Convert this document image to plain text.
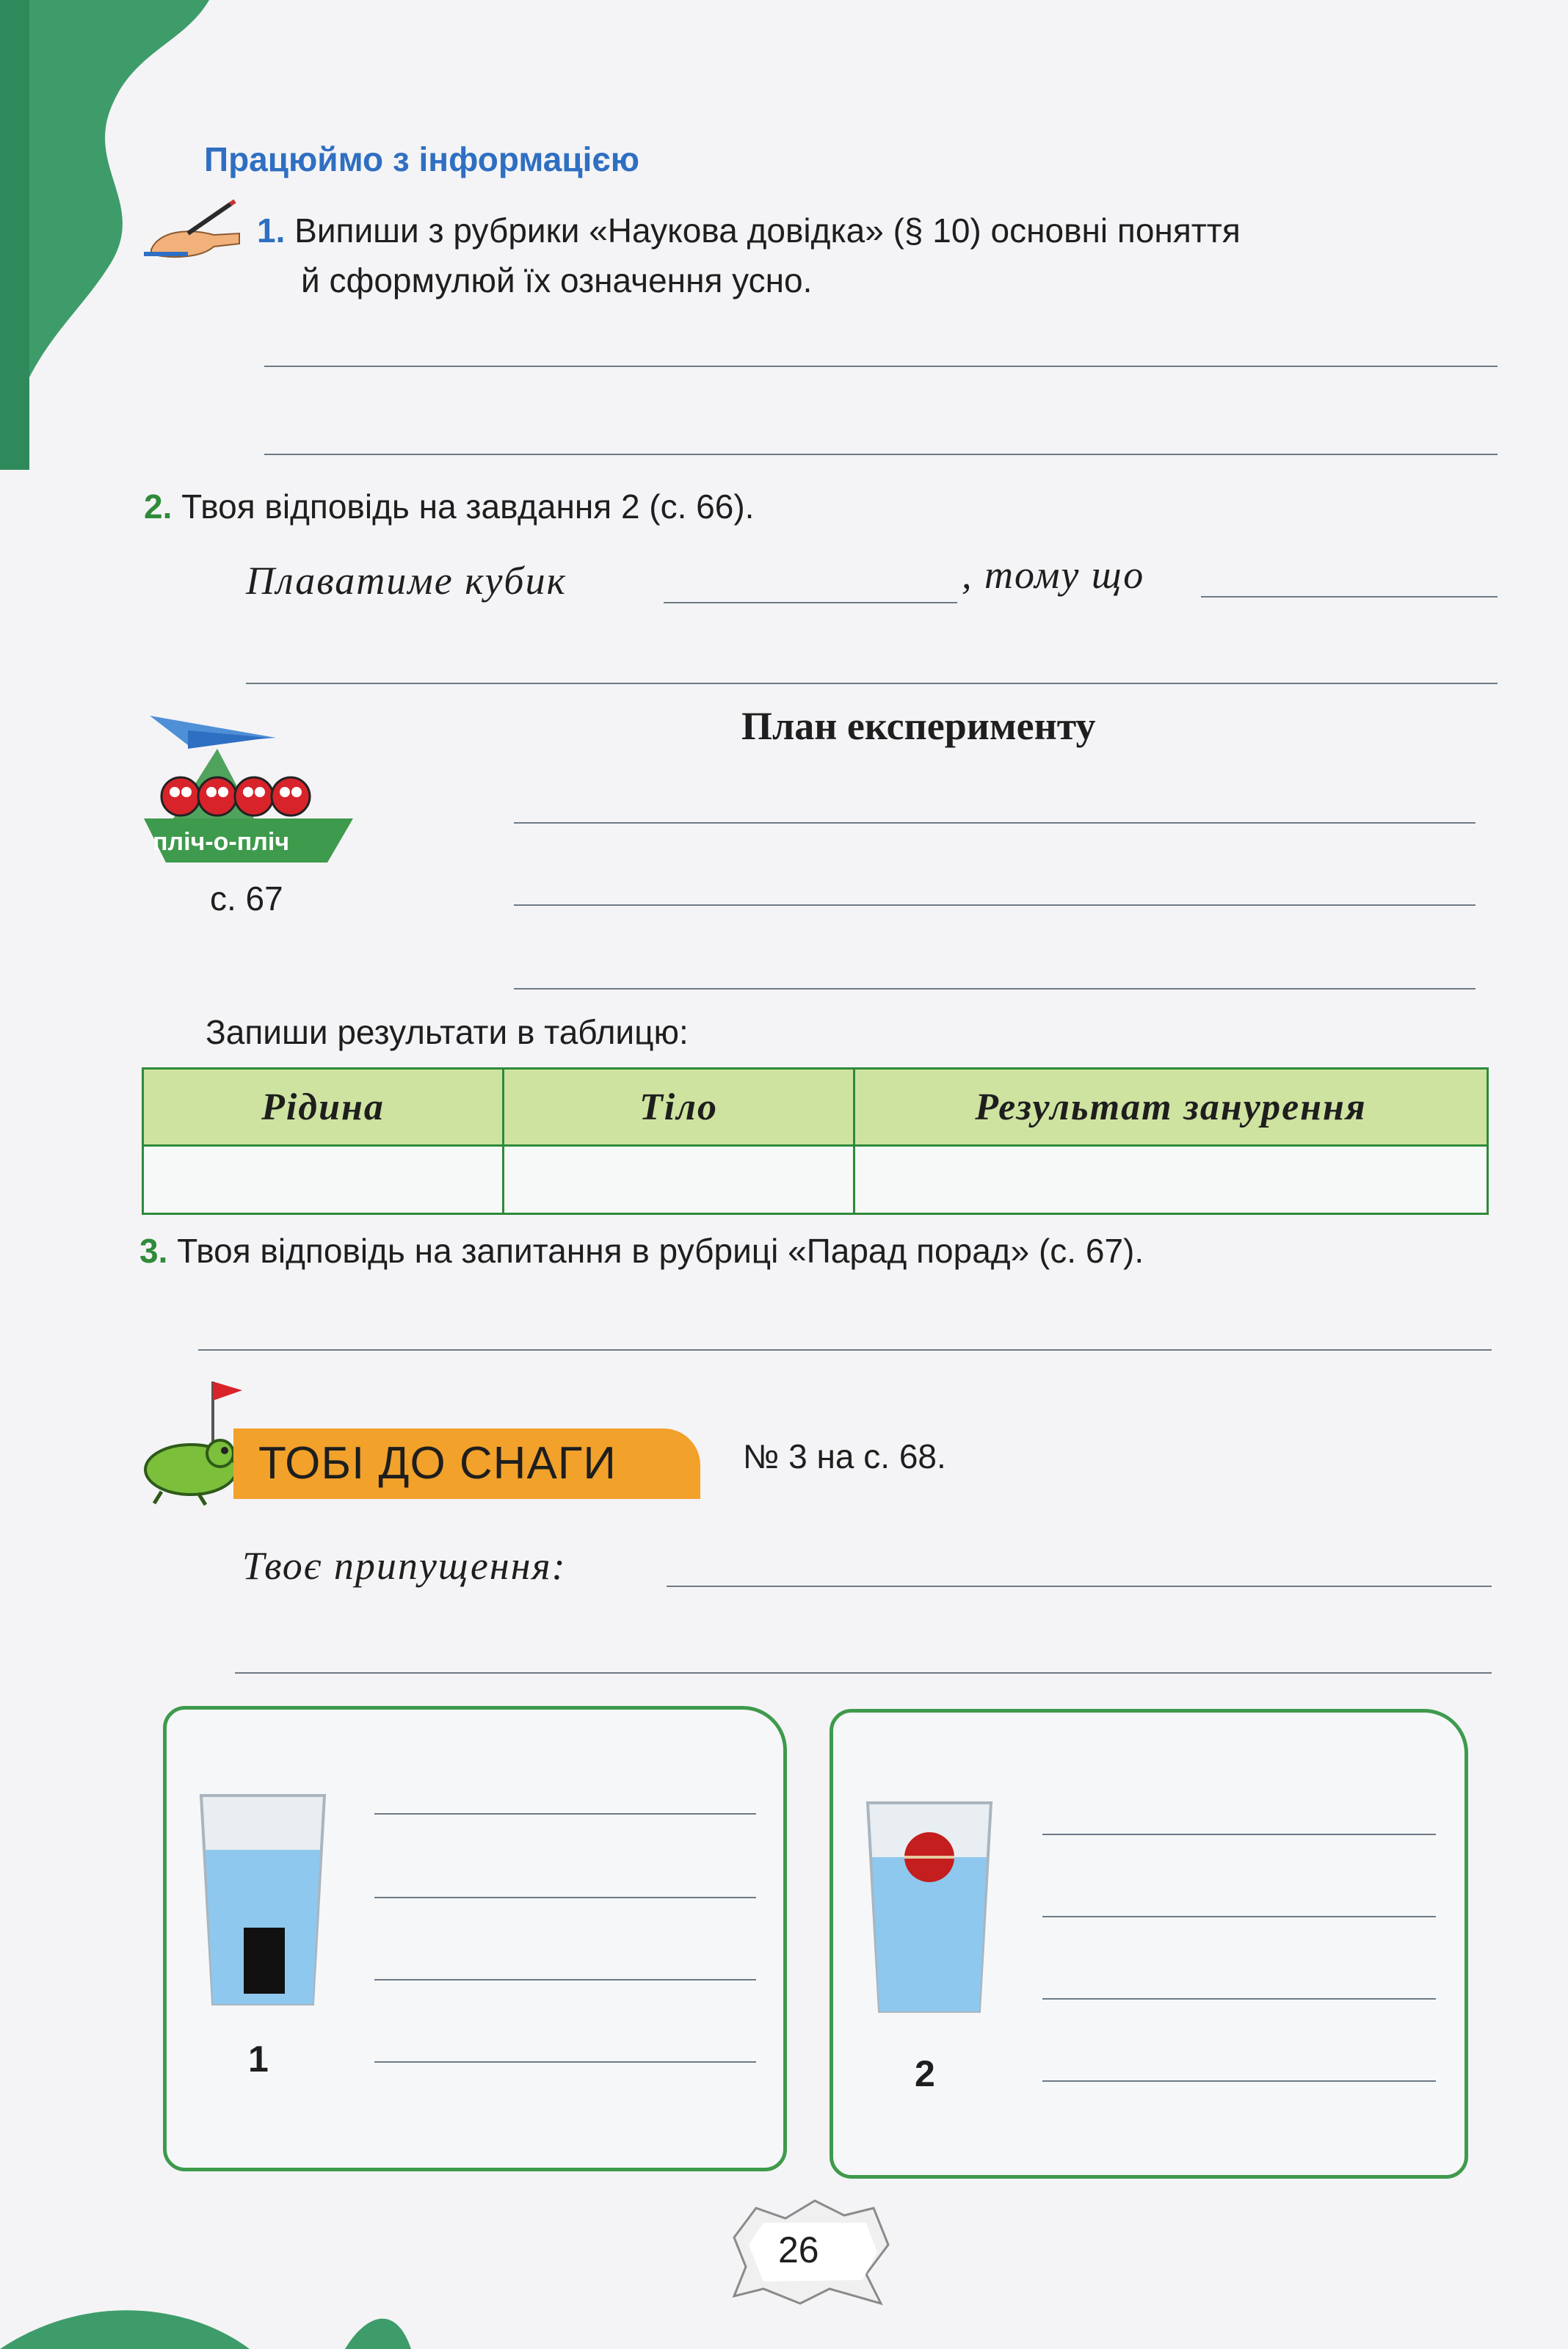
Працюймо з інформацією
1. Випиши з рубрики «Наукова довідка» (§ 10) основні поняття
й сформулюй їх означення усно.
2. Твоя відповідь на завдання 2 (с. 66).
Плаватиме кубик	, тому що
пліч-о-пліч
План експерименту
с. 67
Запиши результати в таблицю:
Рідина	Тіло	Результат занурення

3. Твоя відповідь на запитання в рубриці «Парад порад» (с. 67).
ТОБІ ДО СНАГИ	№ 3 на с. 68.
Твоє припущення:
1	2
26
